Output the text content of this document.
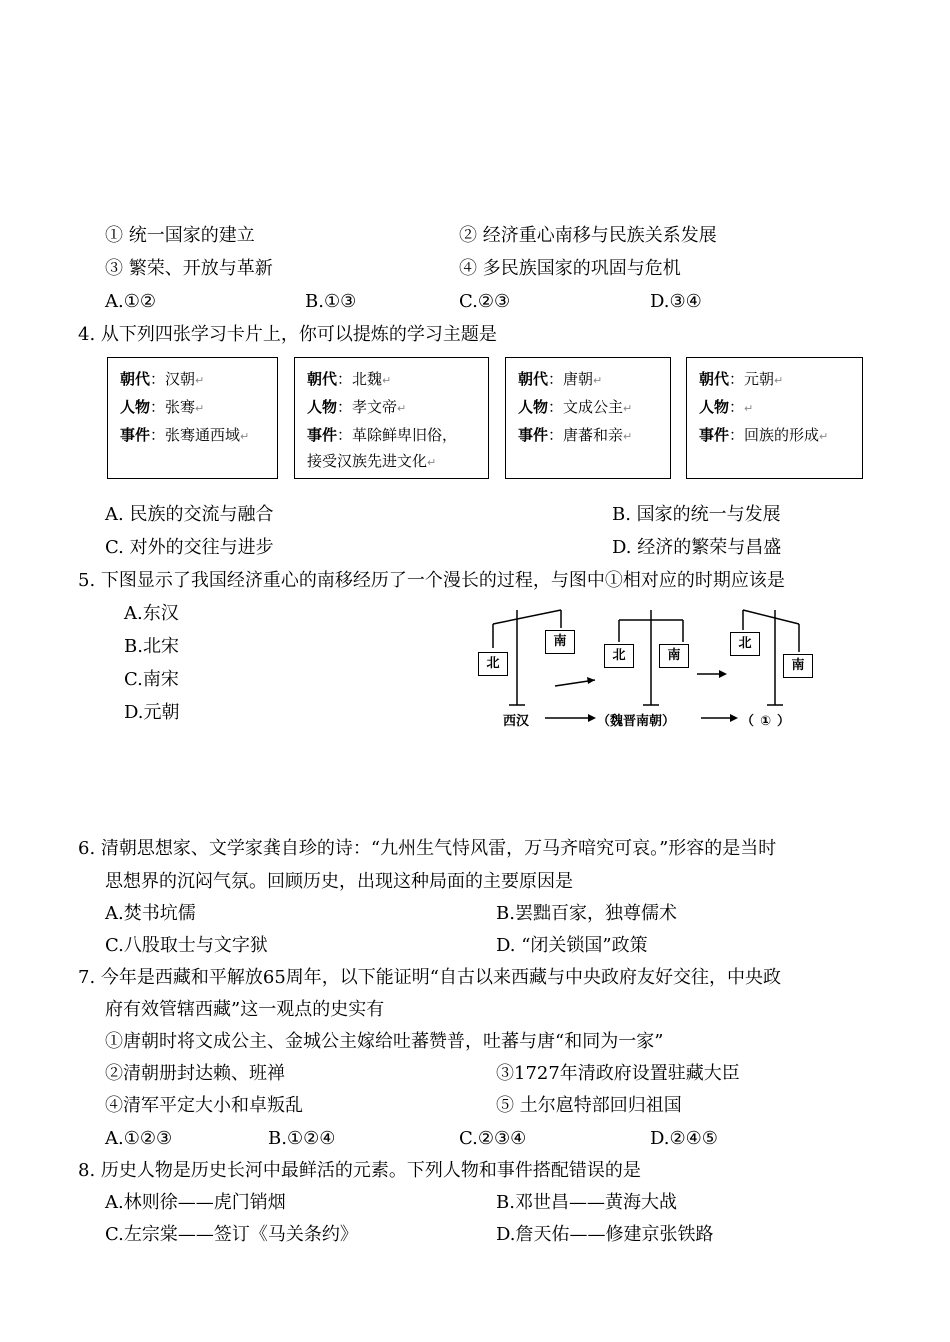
① 统一国家的建立	② 经济重心南移与民族关系发展
③ 繁荣、开放与革新	④ 多民族国家的巩固与危机
A.①②	B.①③	C.②③	D.③④
4. 从下列四张学习卡片上，你可以提炼的学习主题是
朝代：汉朝↵
人物：张骞↵
事件：张骞通西域↵
朝代：北魏↵
人物：孝文帝↵
事件：革除鲜卑旧俗，
接受汉族先进文化↵
朝代：唐朝↵
人物：文成公主↵
事件：唐蕃和亲↵
朝代：元朝↵
人物：↵
事件：回族的形成↵
A. 民族的交流与融合	B. 国家的统一与发展
C. 对外的交往与进步	D. 经济的繁荣与昌盛
5. 下图显示了我国经济重心的南移经历了一个漫长的过程，与图中①相对应的时期应该是
A.东汉
B.北宋
C.南宋
D.元朝
北
南
北	南
北
南
西汉	（魏晋南朝）	（ ① ）
6. 清朝思想家、文学家龚自珍的诗：“九州生气恃风雷，万马齐喑究可哀。”形容的是当时
思想界的沉闷气氛。回顾历史，出现这种局面的主要原因是
A.焚书坑儒	B.罢黜百家，独尊儒术
C.八股取士与文字狱	D. “闭关锁国”政策
7. 今年是西藏和平解放65周年，以下能证明“自古以来西藏与中央政府友好交往，中央政
府有效管辖西藏”这一观点的史实有
①唐朝时将文成公主、金城公主嫁给吐蕃赞普，吐蕃与唐“和同为一家”
②清朝册封达赖、班禅	③1727年清政府设置驻藏大臣
④清军平定大小和卓叛乱	⑤ 土尔扈特部回归祖国
A.①②③	B.①②④	C.②③④	D.②④⑤
8. 历史人物是历史长河中最鲜活的元素。下列人物和事件搭配错误的是
A.林则徐——虎门销烟	B.邓世昌——黄海大战
C.左宗棠——签订《马关条约》	D.詹天佑——修建京张铁路
